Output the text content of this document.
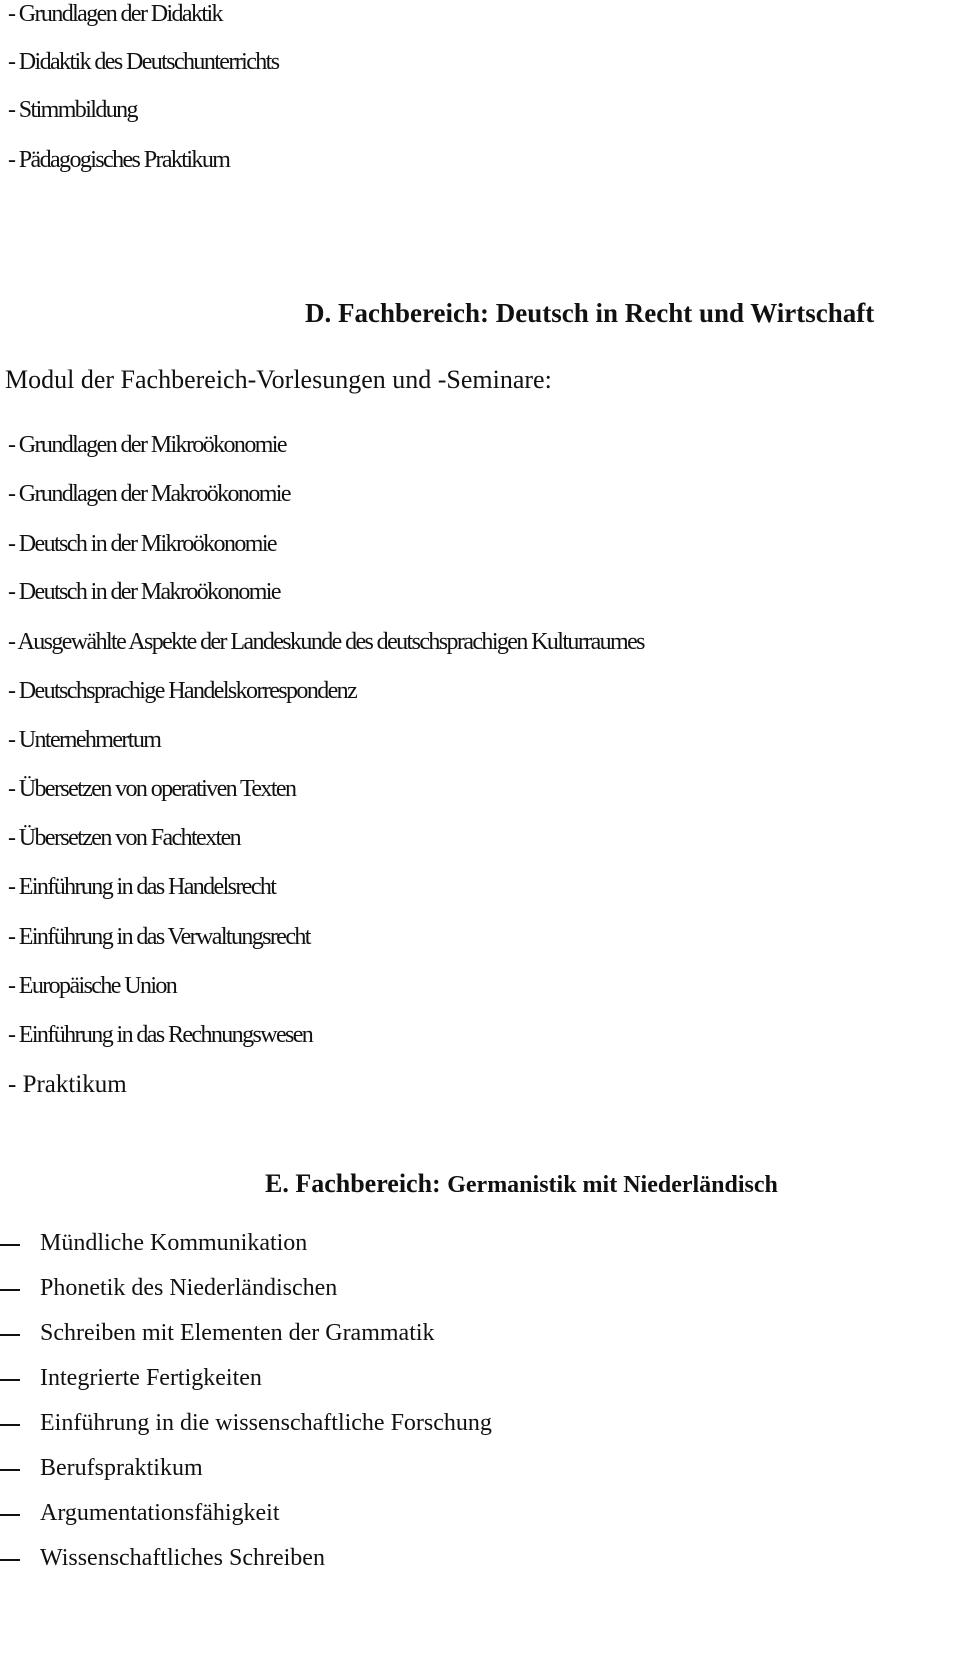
- Grundlagen der Didaktik
- Didaktik des Deutschunterrichts
- Stimmbildung
- Pädagogisches Praktikum
D. Fachbereich: Deutsch in Recht und Wirtschaft
Modul der Fachbereich-Vorlesungen und -Seminare:
- Grundlagen der Mikroökonomie
- Grundlagen der Makroökonomie
- Deutsch in der Mikroökonomie
- Deutsch in der Makroökonomie
- Ausgewählte Aspekte der Landeskunde des deutschsprachigen Kulturraumes
- Deutschsprachige Handelskorrespondenz
- Unternehmertum
- Übersetzen von operativen Texten
- Übersetzen von Fachtexten
- Einführung in das Handelsrecht
- Einführung in das Verwaltungsrecht
- Europäische Union
- Einführung in das Rechnungswesen
- Praktikum
E. Fachbereich: Germanistik mit Niederländisch
Mündliche Kommunikation
Phonetik des Niederländischen
Schreiben mit Elementen der Grammatik
Integrierte Fertigkeiten
Einführung in die wissenschaftliche Forschung
Berufspraktikum
Argumentationsfähigkeit
Wissenschaftliches Schreiben
